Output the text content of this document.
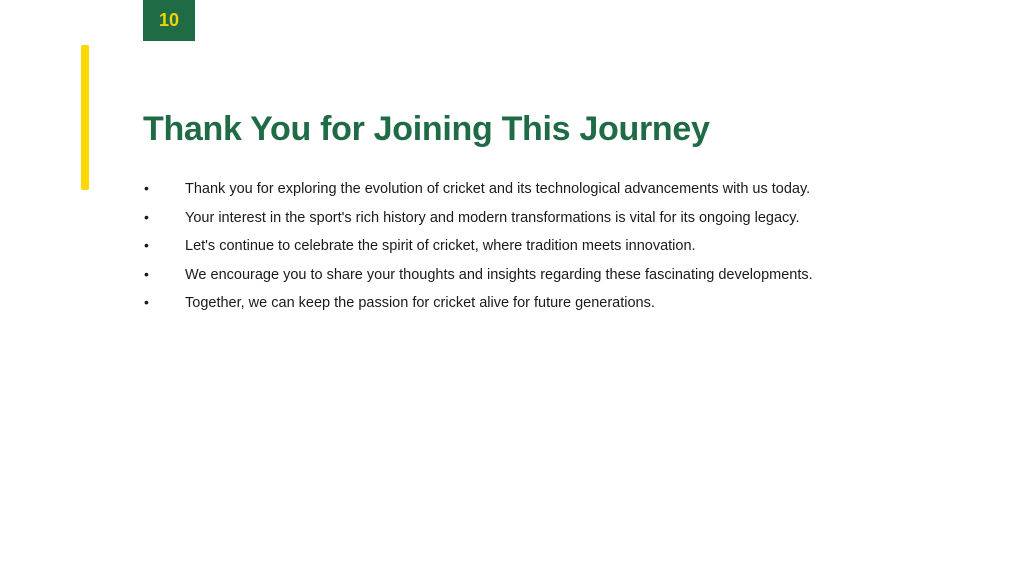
10
Thank You for Joining This Journey
•	Thank you for exploring the evolution of cricket and its technological advancements with us today.
•	Your interest in the sport's rich history and modern transformations is vital for its ongoing legacy.
•	Let's continue to celebrate the spirit of cricket, where tradition meets innovation.
•	We encourage you to share your thoughts and insights regarding these fascinating developments.
•	Together, we can keep the passion for cricket alive for future generations.
